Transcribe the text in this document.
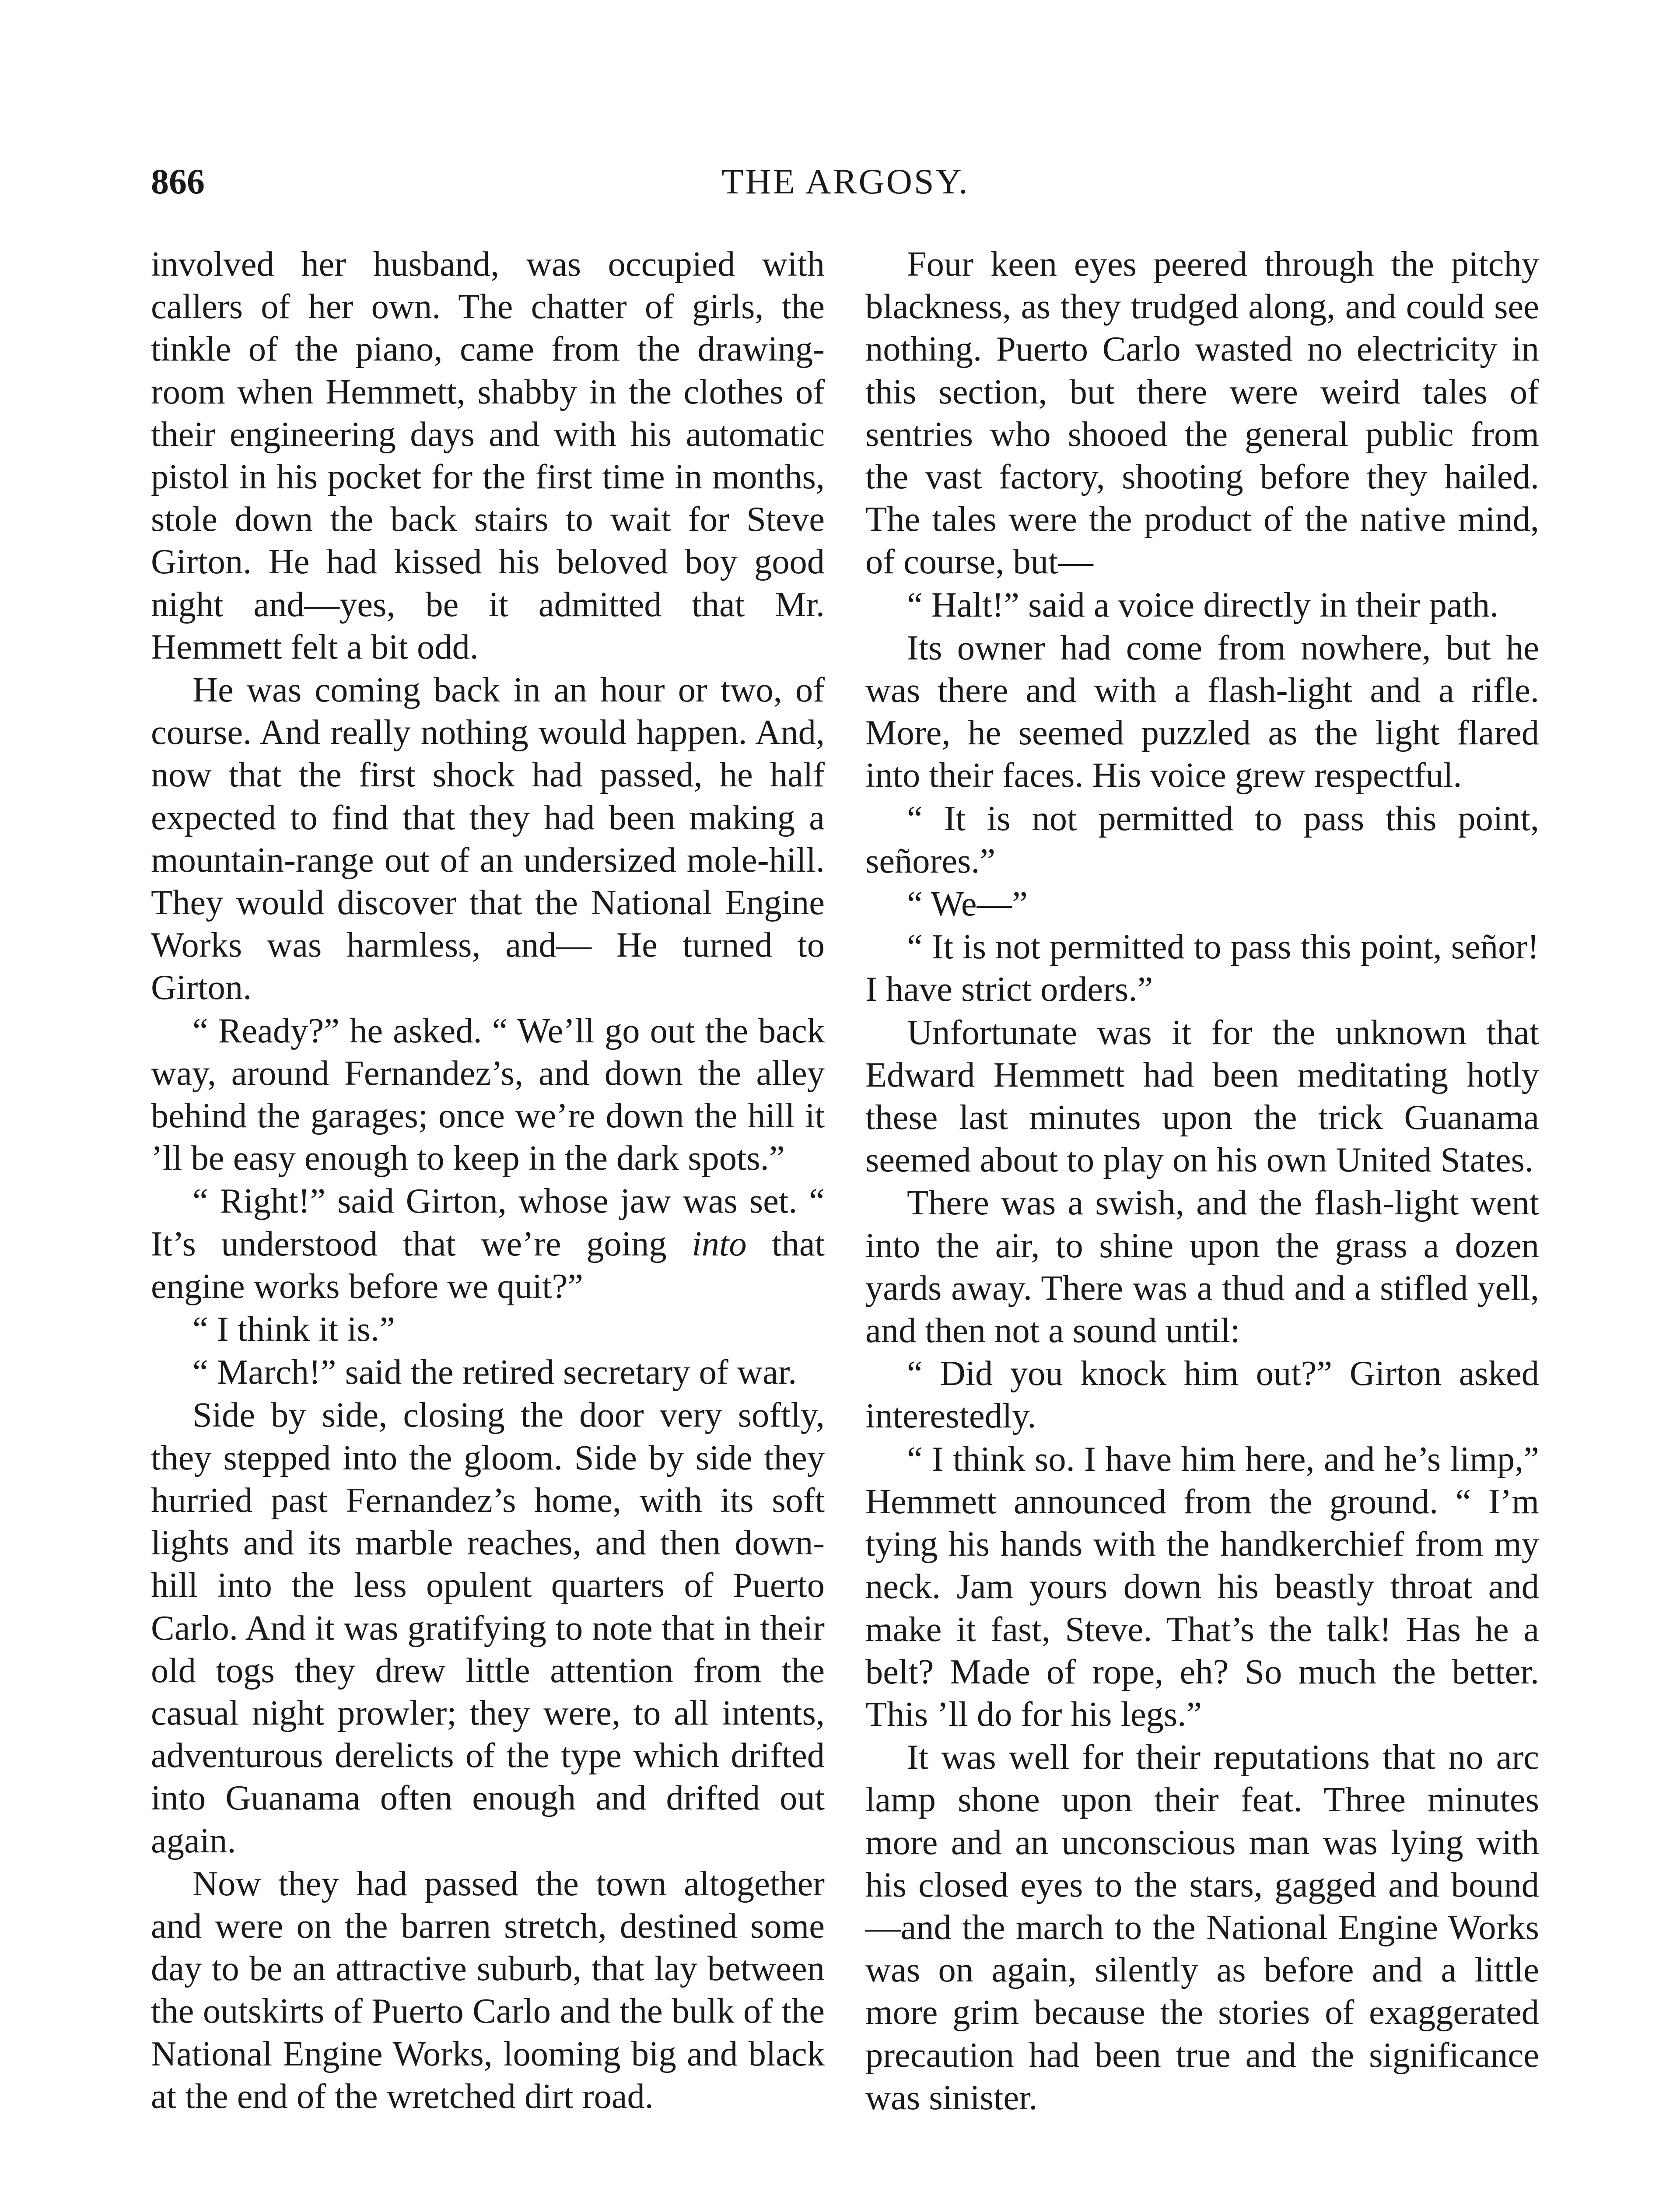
866	THE ARGOSY.

involved her husband, was occupied with callers of her own. The chatter of girls, the tinkle of the piano, came from the drawing-room when Hemmett, shabby in the clothes of their engineering days and with his automatic pistol in his pocket for the first time in months, stole down the back stairs to wait for Steve Girton. He had kissed his beloved boy good night and—yes, be it admitted that Mr. Hemmett felt a bit odd.

He was coming back in an hour or two, of course. And really nothing would happen. And, now that the first shock had passed, he half expected to find that they had been making a mountain-range out of an undersized mole-hill. They would discover that the National Engine Works was harmless, and— He turned to Girton.

“ Ready?” he asked. “ We’ll go out the back way, around Fernandez’s, and down the alley behind the garages; once we’re down the hill it ’ll be easy enough to keep in the dark spots.”

“ Right!” said Girton, whose jaw was set. “ It’s understood that we’re going into that engine works before we quit?”

“ I think it is.”

“ March!” said the retired secretary of war.

Side by side, closing the door very softly, they stepped into the gloom. Side by side they hurried past Fernandez’s home, with its soft lights and its marble reaches, and then down-hill into the less opulent quarters of Puerto Carlo. And it was gratifying to note that in their old togs they drew little attention from the casual night prowler; they were, to all intents, adventurous derelicts of the type which drifted into Guanama often enough and drifted out again.

Now they had passed the town altogether and were on the barren stretch, destined some day to be an attractive suburb, that lay between the outskirts of Puerto Carlo and the bulk of the National Engine Works, looming big and black at the end of the wretched dirt road.

Four keen eyes peered through the pitchy blackness, as they trudged along, and could see nothing. Puerto Carlo wasted no electricity in this section, but there were weird tales of sentries who shooed the general public from the vast factory, shooting before they hailed. The tales were the product of the native mind, of course, but—

“ Halt!” said a voice directly in their path.

Its owner had come from nowhere, but he was there and with a flash-light and a rifle. More, he seemed puzzled as the light flared into their faces. His voice grew respectful.

“ It is not permitted to pass this point, señores.”

“ We—”

“ It is not permitted to pass this point, señor! I have strict orders.”

Unfortunate was it for the unknown that Edward Hemmett had been meditating hotly these last minutes upon the trick Guanama seemed about to play on his own United States.

There was a swish, and the flash-light went into the air, to shine upon the grass a dozen yards away. There was a thud and a stifled yell, and then not a sound until:

“ Did you knock him out?” Girton asked interestedly.

“ I think so. I have him here, and he’s limp,” Hemmett announced from the ground. “ I’m tying his hands with the handkerchief from my neck. Jam yours down his beastly throat and make it fast, Steve. That’s the talk! Has he a belt? Made of rope, eh? So much the better. This ’ll do for his legs.”

It was well for their reputations that no arc lamp shone upon their feat. Three minutes more and an unconscious man was lying with his closed eyes to the stars, gagged and bound—and the march to the National Engine Works was on again, silently as before and a little more grim because the stories of exaggerated precaution had been true and the significance was sinister.
